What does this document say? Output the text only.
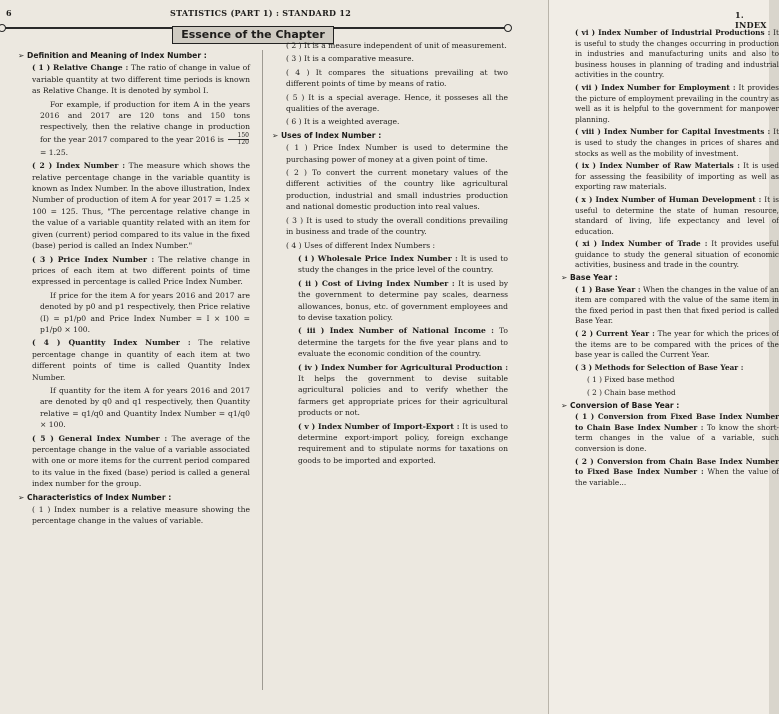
6	STATISTICS (PART 1) : STANDARD 12
Essence of the Chapter

➢ Definition and Meaning of Index Number :

( 1 ) Relative Change : The ratio of change in value of variable quantity at two different time periods is known as Relative Change. It is denoted by symbol I.

For example, if production for item A in the years 2016 and 2017 are 120 tons and 150 tons respectively, then the relative change in production for the year 2017 compared to the year 2016 is $\frac{150}{120}$
= 1.25.

( 2 ) Index Number : The measure which shows the relative percentage change in the variable quantity is known as Index Number. In the above illustration, Index Number of production of item A for year 2017 = 1.25 × 100 = 125. Thus, "The percentage relative change in the value of a variable quantity related with an item for given (current) period compared to its value in the fixed (base) period is called an Index Number."

( 3 ) Price Index Number : The relative change in prices of each item at two different points of time expressed in percentage is called Price Index Number.

If price for the item A for years 2016 and 2017 are denoted by p0 and p1 respectively, then Price relative (I) = p1/p0 and Price Index Number = I × 100 = p1/p0 × 100.

( 4 ) Quantity Index Number : The relative percentage change in quantity of each item at two different points of time is called Quantity Index Number.

If quantity for the item A for years 2016 and 2017 are denoted by q0 and q1 respectively, then Quantity relative = q1/q0 and Quantity Index Number = q1/q0 × 100.

( 5 ) General Index Number : The average of the percentage change in the value of a variable associated with one or more items for the current period compared to its value in the fixed (base) period is called a general index number for the group.

➢ Characteristics of Index Number :

( 1 ) Index number is a relative measure showing the percentage change in the values of variable.

( 2 ) It is a measure independent of unit of measurement.

( 3 ) It is a comparative measure.

( 4 ) It compares the situations prevailing at two different points of time by means of ratio.

( 5 ) It is a special average. Hence, it posseses all the qualities of the average.

( 6 ) It is a weighted average.

➢ Uses of Index Number :

( 1 ) Price Index Number is used to determine the purchasing power of money at a given point of time.

( 2 ) To convert the current monetary values of the different activities of the country like agricultural production, industrial and small industries production and national domestic production into real values.

( 3 ) It is used to study the overall conditions prevailing in business and trade of the country.

( 4 ) Uses of different Index Numbers :

( i ) Wholesale Price Index Number : It is used to study the changes in the price level of the country.

( ii ) Cost of Living Index Number : It is used by the government to determine pay scales, dearness allowances, bonus, etc. of government employees and to devise taxation policy.

( iii ) Index Number of National Income : To determine the targets for the five year plans and to evaluate the economic condition of the country.

( iv ) Index Number for Agricultural Production : It helps the government to devise suitable agricultural policies and to verify whether the farmers get appropriate prices for their agricultural products or not.

( v ) Index Number of Import-Export : It is used to determine export-import policy, foreign exchange requirement and to stipulate norms for taxations on goods to be imported and exported.

1. INDEX

( vi ) Index Number of Industrial Productions : It is useful to study the changes occurring in production in industries and manufacturing units and also to business houses in planning of trading and industrial activities in the country.

( vii ) Index Number for Employment : It provides the picture of employment prevailing in the country as well as it is helpful to the government for manpower planning.

( viii ) Index Number for Capital Investments : It is used to study the changes in prices of shares and stocks as well as the mobility of investment.

( ix ) Index Number of Raw Materials : It is used for assessing the feasibility of importing as well as exporting raw materials.

( x ) Index Number of Human Development : It is useful to determine the state of human resource, standard of living, life expectancy and level of education.

( xi ) Index Number of Trade : It provides useful guidance to study the general situation of economic activities, business and trade in the country.

➢ Base Year :

( 1 ) Base Year : When the changes in the value of an item are compared with the value of the same item in the fixed period in past then that fixed period is called Base Year.

( 2 ) Current Year : The year for which the prices of the items are to be compared with the prices of the base year is called the Current Year.

( 3 ) Methods for Selection of Base Year :

( 1 ) Fixed base method

( 2 ) Chain base method

➢ Conversion of Base Year :

( 1 ) Conversion from Fixed Base Index Number to Chain Base Index Number : To know the short-term changes in the value of a variable, such conversion is done.

( 2 ) Conversion from Chain Base Index Number to Fixed Base Index Number : When the value of the variable...
